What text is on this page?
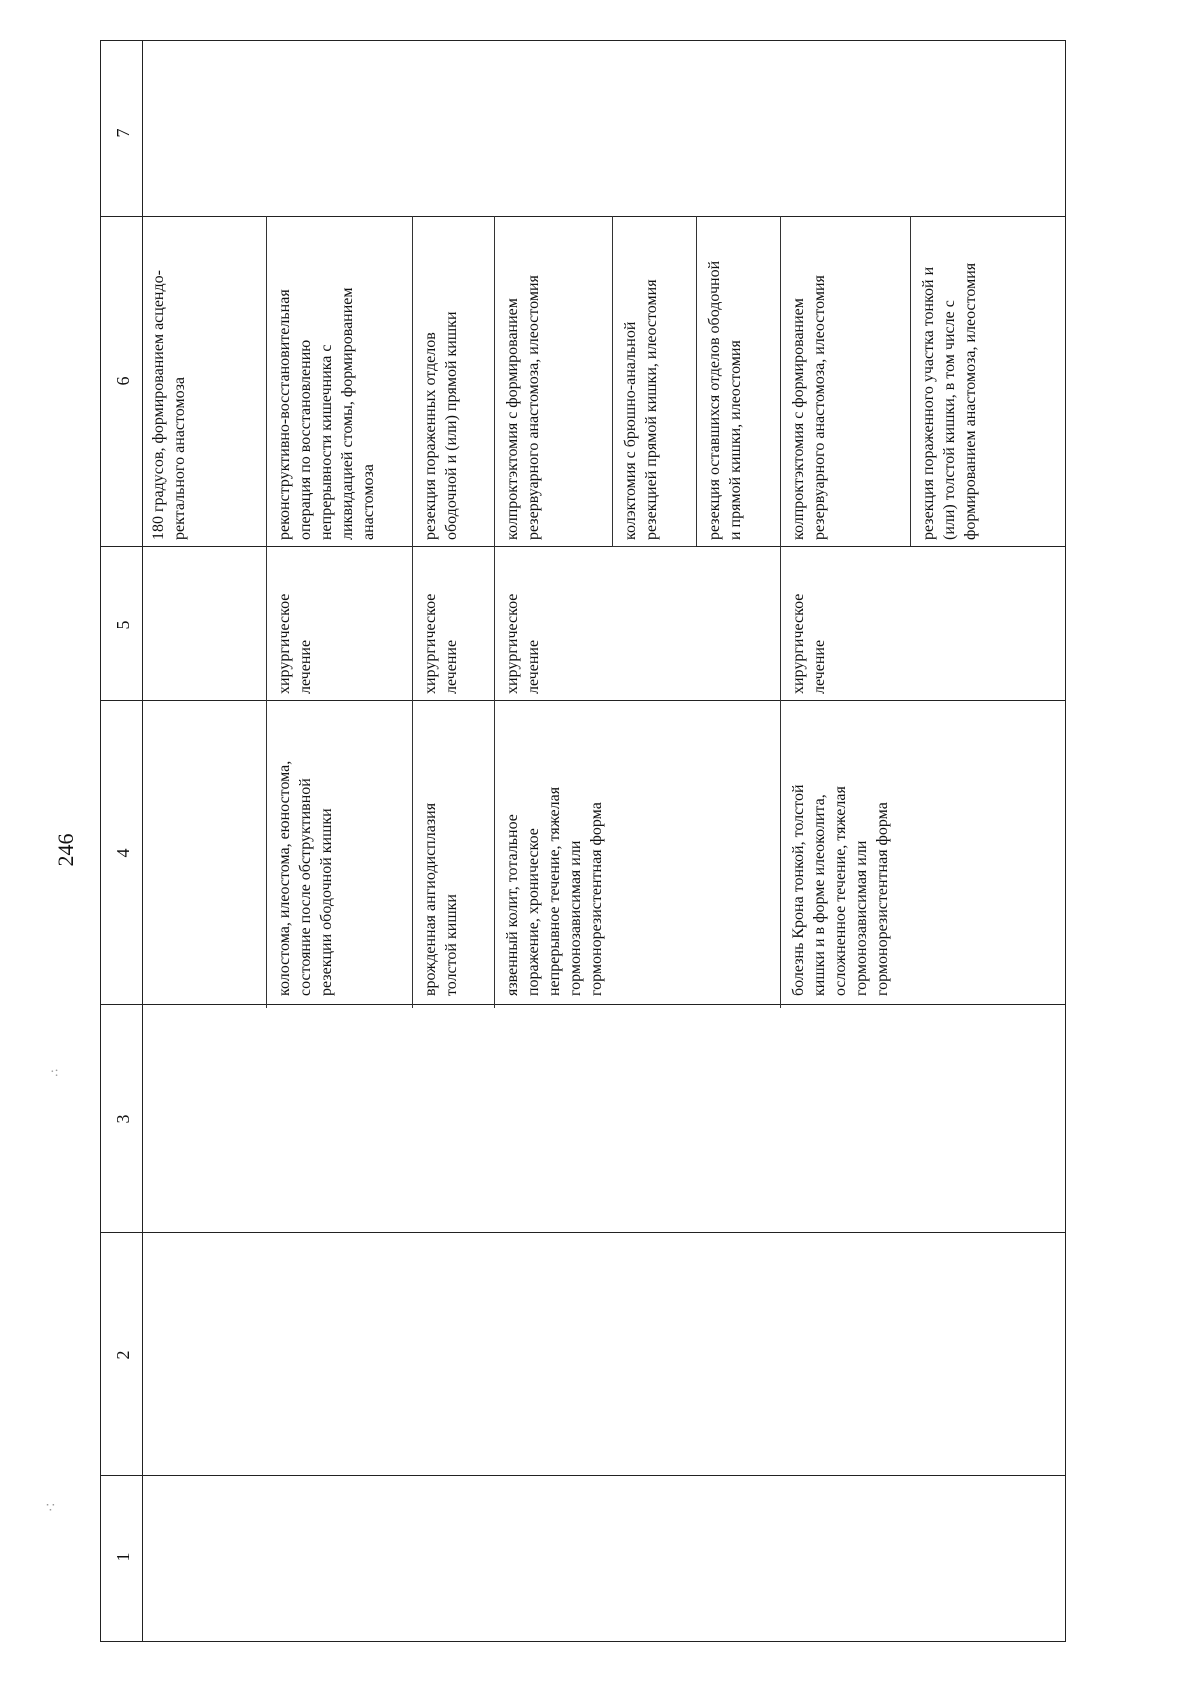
246
·:
∵
7
6
5
4
3
2
1
180 градусов, формированием асцендо-
ректального анастомоза
колостома, илеостома, еюностома,
состояние после обструктивной
резекции ободочной кишки
хирургическое
лечение
реконструктивно-восстановительная
операция по восстановлению
непрерывности кишечника с
ликвидацией стомы, формированием
анастомоза
врожденная ангиодисплазия
толстой кишки
хирургическое
лечение
резекция пораженных отделов
ободочной и (или) прямой кишки
язвенный колит, тотальное
поражение, хроническое
непрерывное течение, тяжелая
гормонозависимая или
гормонорезистентная форма
хирургическое
лечение
колпроктэктомия с формированием
резервуарного анастомоза, илеостомия
колэктомия с брюшно-анальной
резекцией прямой кишки, илеостомия
резекция оставшихся отделов ободочной
и прямой кишки, илеостомия
болезнь Крона тонкой, толстой
кишки и в форме илеоколита,
осложненное течение, тяжелая
гормонозависимая или
гормонорезистентная форма
хирургическое
лечение
колпроктэктомия с формированием
резервуарного анастомоза, илеостомия
резекция пораженного участка тонкой и
(или) толстой кишки, в том числе с
формированием анастомоза, илеостомия
